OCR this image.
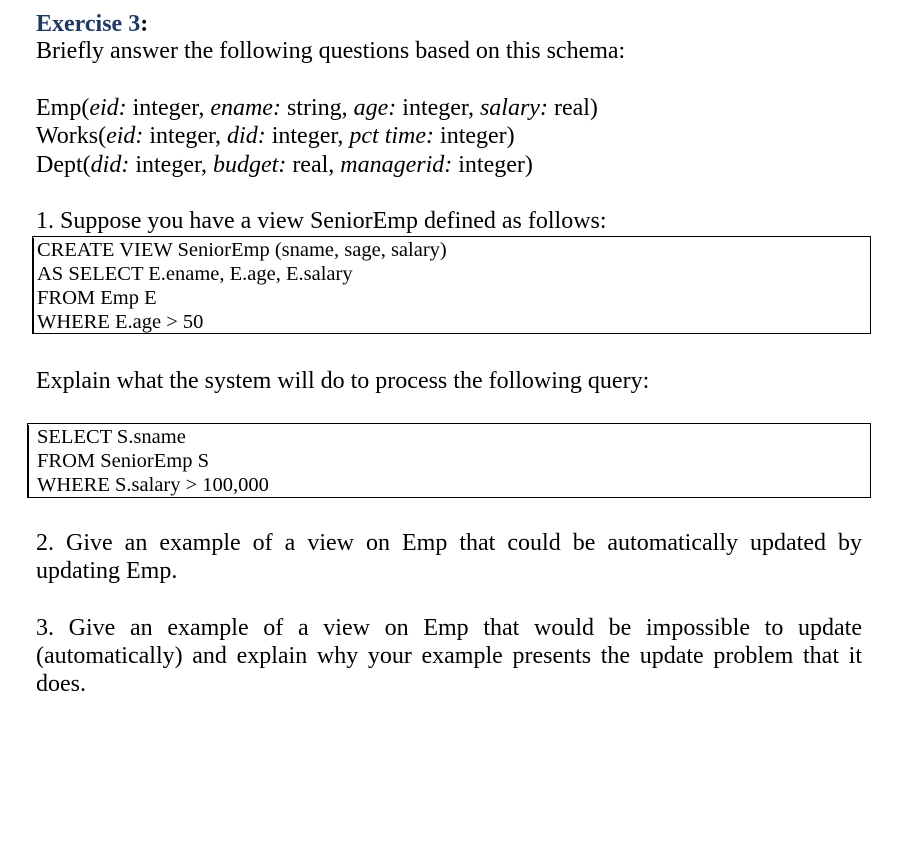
Exercise 3:
Briefly answer the following questions based on this schema:
Emp(eid: integer, ename: string, age: integer, salary: real)
Works(eid: integer, did: integer, pct time: integer)
Dept(did: integer, budget: real, managerid: integer)
1. Suppose you have a view SeniorEmp defined as follows:
CREATE VIEW SeniorEmp (sname, sage, salary)
AS SELECT E.ename, E.age, E.salary
FROM Emp E
WHERE E.age > 50
Explain what the system will do to process the following query:
SELECT S.sname
FROM SeniorEmp S
WHERE S.salary > 100,000
2. Give an example of a view on Emp that could be automatically updated by updating Emp.
3. Give an example of a view on Emp that would be impossible to update (automatically) and explain why your example presents the update problem that it does.
